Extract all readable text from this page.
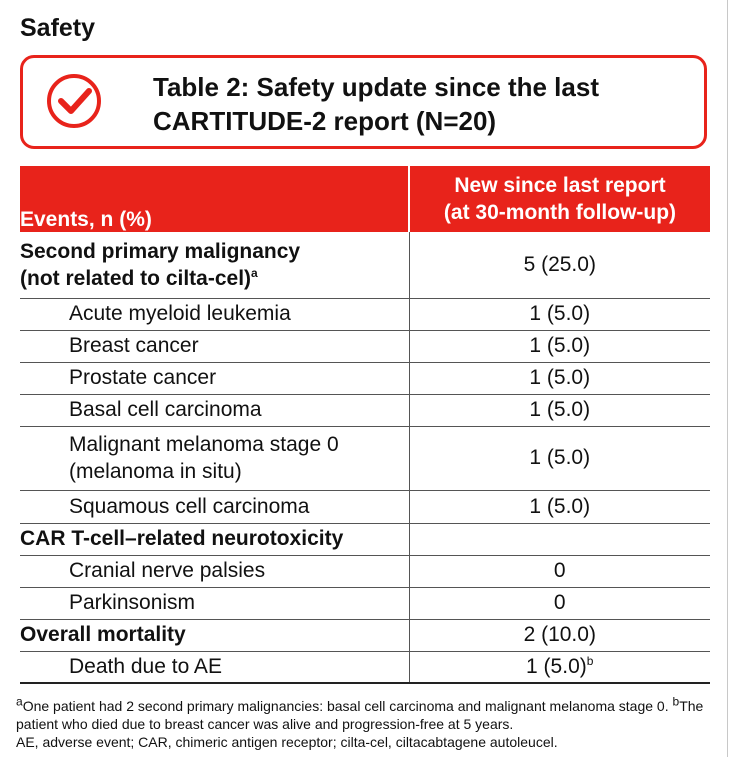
Safety
Table 2: Safety update since the last
CARTITUDE-2 report (N=20)
Events, n (%)	New since last report
(at 30-month follow-up)

Second primary malignancy
(not related to cilta-cel)$^a$	5 (25.0)

Acute myeloid leukemia	1 (5.0)

Breast cancer	1 (5.0)

Prostate cancer	1 (5.0)

Basal cell carcinoma	1 (5.0)

Malignant melanoma stage 0
(melanoma in situ)	1 (5.0)

Squamous cell carcinoma	1 (5.0)

CAR T-cell–related neurotoxicity	

Cranial nerve palsies	0

Parkinsonism	0

Overall mortality	2 (10.0)

Death due to AE	1 $(5.0)^b$
$^a$One patient had 2 second primary malignancies: basal cell carcinoma and malignant melanoma stage 0. $^b$The patient who died due to breast cancer was alive and progression-free at 5 years.
AE, adverse event; CAR, chimeric antigen receptor; cilta-cel, ciltacabtagene autoleucel.
